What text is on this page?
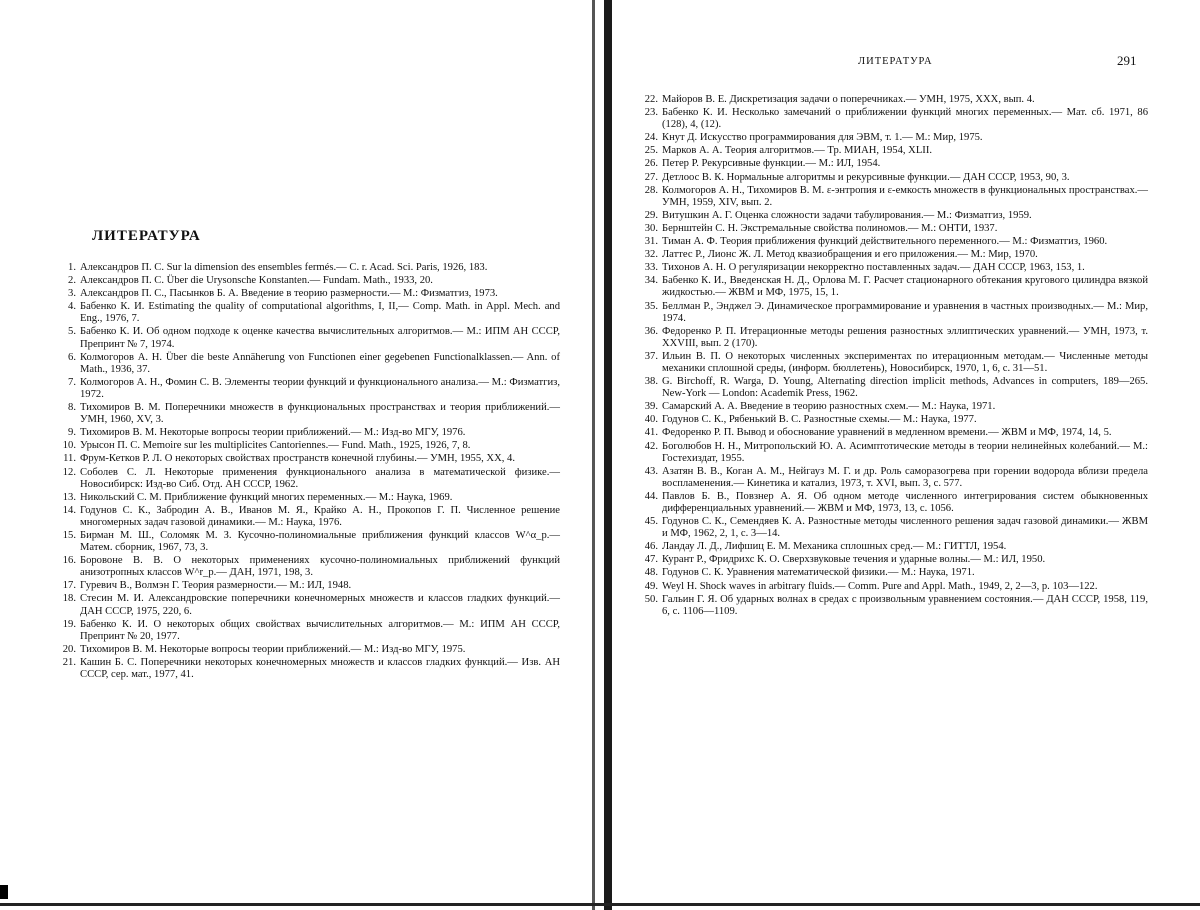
ЛИТЕРАТУРА
1. Александров П. С. Sur la dimension des ensembles fermés.— C. r. Acad. Sci. Paris, 1926, 183.
2. Александров П. С. Über die Urysonsche Konstanten.— Fundam. Math., 1933, 20.
3. Александров П. С., Пасынков Б. А. Введение в теорию размерности.— М.: Физматгиз, 1973.
4. Бабенко К. И. Estimating the quality of computational algorithms, I, II,— Comp. Math. in Appl. Mech. and Eng., 1976, 7.
5. Бабенко К. И. Об одном подходе к оценке качества вычислительных алгоритмов.— М.: ИПМ АН СССР, Препринт № 7, 1974.
6. Колмогоров А. Н. Über die beste Annäherung von Functionen einer gegebenen Functionalklassen.— Ann. of Math., 1936, 37.
7. Колмогоров А. Н., Фомин С. В. Элементы теории функций и функционального анализа.— М.: Физматгиз, 1972.
8. Тихомиров В. М. Поперечники множеств в функциональных пространствах и теория приближений.— УМН, 1960, XV, 3.
9. Тихомиров В. М. Некоторые вопросы теории приближений.— М.: Изд-во МГУ, 1976.
10. Урысон П. С. Memoire sur les multiplicites Cantoriennes.— Fund. Math., 1925, 1926, 7, 8.
11. Фрум-Кетков Р. Л. О некоторых свойствах пространств конечной глубины.— УМН, 1955, XX, 4.
12. Соболев С. Л. Некоторые применения функционального анализа в математической физике.— Новосибирск: Изд-во Сиб. Отд. АН СССР, 1962.
13. Никольский С. М. Приближение функций многих переменных.— М.: Наука, 1969.
14. Годунов С. К., Забродин А. В., Иванов М. Я., Крайко А. Н., Прокопов Г. П. Численное решение многомерных задач газовой динамики.— М.: Наука, 1976.
15. Бирман М. Ш., Соломяк М. З. Кусочно-полиномиальные приближения функций классов W^α_p.— Матем. сборник, 1967, 73, 3.
16. Боровоне В. В. О некоторых применениях кусочно-полиномиальных приближений функций анизотропных классов W^r_p.— ДАН, 1971, 198, 3.
17. Гуревич В., Волмэн Г. Теория размерности.— М.: ИЛ, 1948.
18. Стесин М. И. Александровские поперечники конечномерных множеств и классов гладких функций.— ДАН СССР, 1975, 220, 6.
19. Бабенко К. И. О некоторых общих свойствах вычислительных алгоритмов.— М.: ИПМ АН СССР, Препринт № 20, 1977.
20. Тихомиров В. М. Некоторые вопросы теории приближений.— М.: Изд-во МГУ, 1975.
21. Кашин Б. С. Поперечники некоторых конечномерных множеств и классов гладких функций.— Изв. АН СССР, сер. мат., 1977, 41.
ЛИТЕРАТУРА	291
22. Майоров В. Е. Дискретизация задачи о поперечниках.— УМН, 1975, XXX, вып. 4.
23. Бабенко К. И. Несколько замечаний о приближении функций многих переменных.— Мат. сб. 1971, 86 (128), 4, (12).
24. Кнут Д. Искусство программирования для ЭВМ, т. 1.— М.: Мир, 1975.
25. Марков А. А. Теория алгоритмов.— Тр. МИАН, 1954, XLII.
26. Петер Р. Рекурсивные функции.— М.: ИЛ, 1954.
27. Детлоос В. К. Нормальные алгоритмы и рекурсивные функции.— ДАН СССР, 1953, 90, 3.
28. Колмогоров А. Н., Тихомиров В. М. ε-энтропия и ε-емкость множеств в функциональных пространствах.— УМН, 1959, XIV, вып. 2.
29. Витушкин А. Г. Оценка сложности задачи табулирования.— М.: Физматгиз, 1959.
30. Бернштейн С. Н. Экстремальные свойства полиномов.— М.: ОНТИ, 1937.
31. Тиман А. Ф. Теория приближения функций действительного переменного.— М.: Физматгиз, 1960.
32. Латтес Р., Лионс Ж. Л. Метод квазиобращения и его приложения.— М.: Мир, 1970.
33. Тихонов А. Н. О регуляризации некорректно поставленных задач.— ДАН СССР, 1963, 153, 1.
34. Бабенко К. И., Введенская Н. Д., Орлова М. Г. Расчет стационарного обтекания кругового цилиндра вязкой жидкостью.— ЖВМ и МФ, 1975, 15, 1.
35. Беллман Р., Энджел Э. Динамическое программирование и уравнения в частных производных.— М.: Мир, 1974.
36. Федоренко Р. П. Итерационные методы решения разностных эллиптических уравнений.— УМН, 1973, т. XXVIII, вып. 2 (170).
37. Ильин В. П. О некоторых численных экспериментах по итерационным методам.— Численные методы механики сплошной среды, (информ. бюллетень), Новосибирск, 1970, 1, 6, с. 31—51.
38. G. Birchoff, R. Warga, D. Young, Alternating direction implicit methods, Advances in computers, 189—265. New-York — London: Academik Press, 1962.
39. Самарский А. А. Введение в теорию разностных схем.— М.: Наука, 1971.
40. Годунов С. К., Рябенький В. С. Разностные схемы.— М.: Наука, 1977.
41. Федоренко Р. П. Вывод и обоснование уравнений в медленном времени.— ЖВМ и МФ, 1974, 14, 5.
42. Боголюбов Н. Н., Митропольский Ю. А. Асимптотические методы в теории нелинейных колебаний.— М.: Гостехиздат, 1955.
43. Азатян В. В., Коган А. М., Нейгауз М. Г. и др. Роль саморазогрева при горении водорода вблизи предела воспламенения.— Кинетика и катализ, 1973, т. XVI, вып. 3, с. 577.
44. Павлов Б. В., Повзнер А. Я. Об одном методе численного интегрирования систем обыкновенных дифференциальных уравнений.— ЖВМ и МФ, 1973, 13, с. 1056.
45. Годунов С. К., Семендяев К. А. Разностные методы численного решения задач газовой динамики.— ЖВМ и МФ, 1962, 2, 1, с. 3—14.
46. Ландау Л. Д., Лифшиц Е. М. Механика сплошных сред.— М.: ГИТТЛ, 1954.
47. Курант Р., Фридрихс К. О. Сверхзвуковые течения и ударные волны.— М.: ИЛ, 1950.
48. Годунов С. К. Уравнения математической физики.— М.: Наука, 1971.
49. Weyl H. Shock waves in arbitrary fluids.— Comm. Pure and Appl. Math., 1949, 2, 2—3, p. 103—122.
50. Гальин Г. Я. Об ударных волнах в средах с произвольным уравнением состояния.— ДАН СССР, 1958, 119, 6, с. 1106—1109.
